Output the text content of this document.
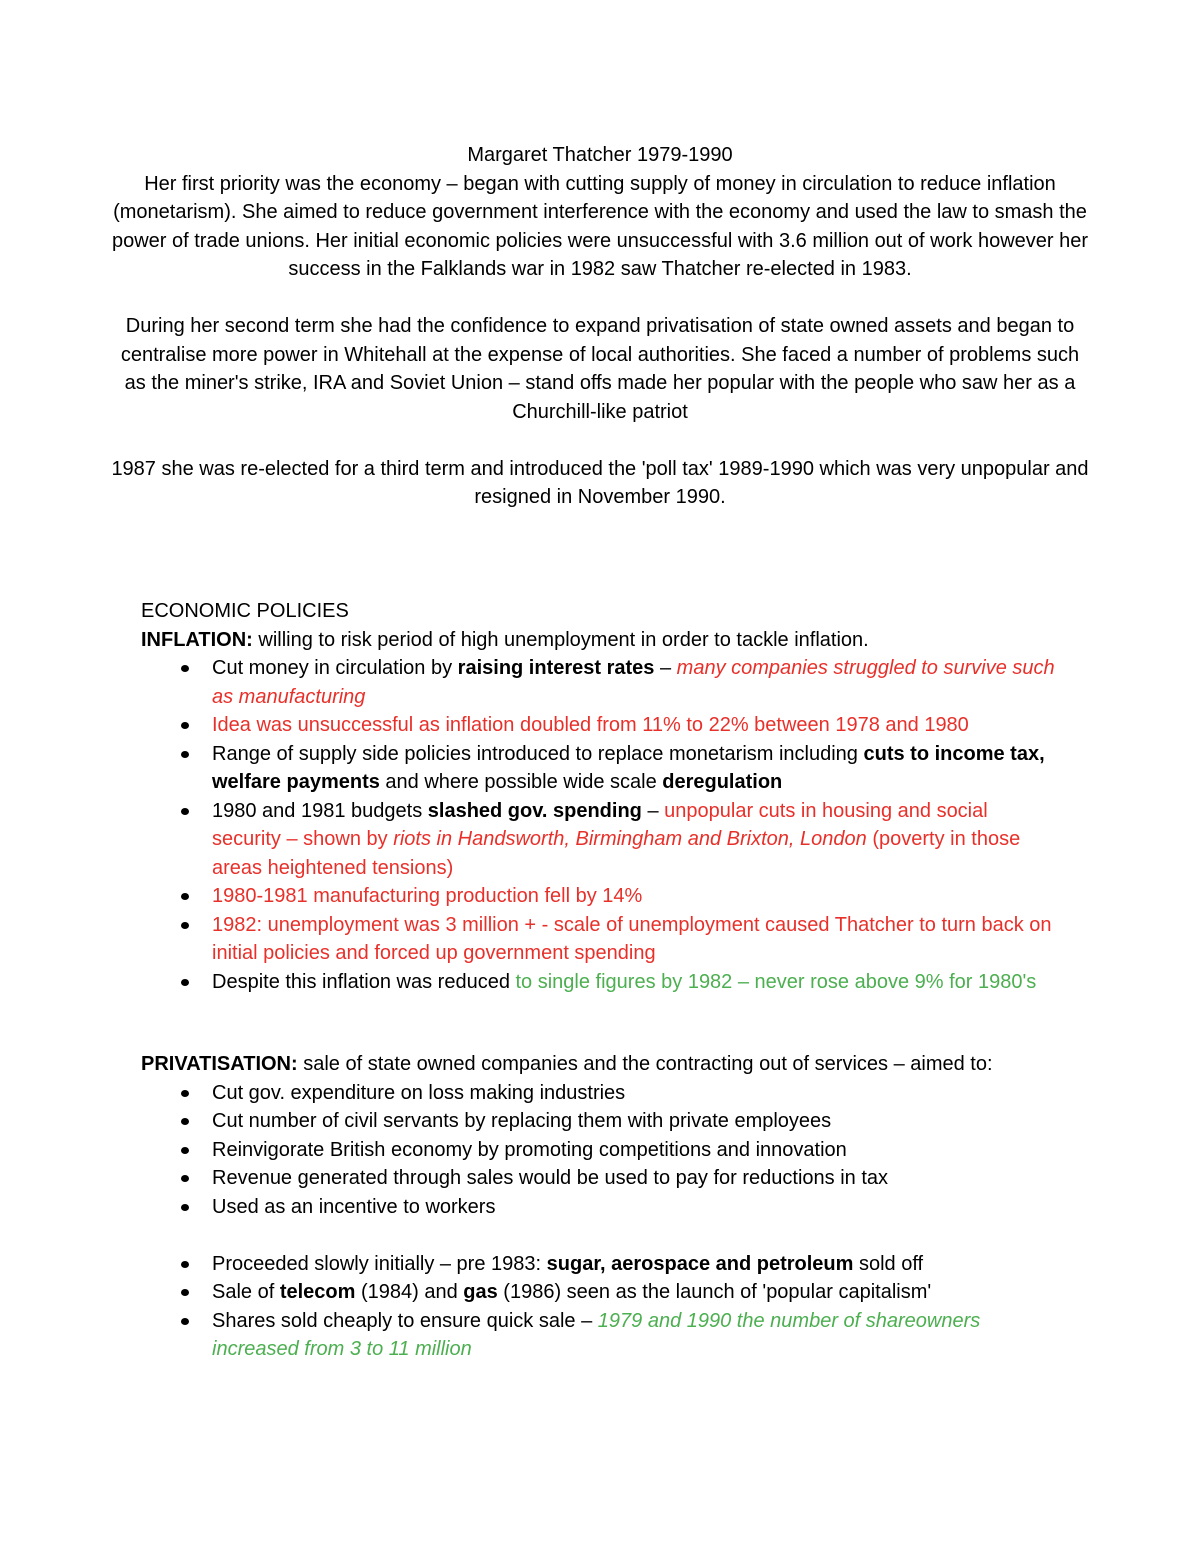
Margaret Thatcher 1979-1990

Her first priority was the economy – began with cutting supply of money in circulation to reduce inflation (monetarism). She aimed to reduce government interference with the economy and used the law to smash the power of trade unions. Her initial economic policies were unsuccessful with 3.6 million out of work however her success in the Falklands war in 1982 saw Thatcher re-elected in 1983.

During her second term she had the confidence to expand privatisation of state owned assets and began to centralise more power in Whitehall at the expense of local authorities. She faced a number of problems such as the miner's strike, IRA and Soviet Union – stand offs made her popular with the people who saw her as a Churchill-like patriot

1987 she was re-elected for a third term and introduced the 'poll tax' 1989-1990 which was very unpopular and resigned in November 1990.

ECONOMIC POLICIES

INFLATION: willing to risk period of high unemployment in order to tackle inflation.

Cut money in circulation by raising interest rates – many companies struggled to survive such as manufacturing
Idea was unsuccessful as inflation doubled from 11% to 22% between 1978 and 1980
Range of supply side policies introduced to replace monetarism including cuts to income tax, welfare payments and where possible wide scale deregulation
1980 and 1981 budgets slashed gov. spending – unpopular cuts in housing and social security – shown by riots in Handsworth, Birmingham and Brixton, London (poverty in those areas heightened tensions)
1980-1981 manufacturing production fell by 14%
1982: unemployment was 3 million + - scale of unemployment caused Thatcher to turn back on initial policies and forced up government spending
Despite this inflation was reduced to single figures by 1982 – never rose above 9% for 1980's

PRIVATISATION: sale of state owned companies and the contracting out of services – aimed to:

Cut gov. expenditure on loss making industries
Cut number of civil servants by replacing them with private employees
Reinvigorate British economy by promoting competitions and innovation
Revenue generated through sales would be used to pay for reductions in tax
Used as an incentive to workers
Proceeded slowly initially – pre 1983: sugar, aerospace and petroleum sold off
Sale of telecom (1984) and gas (1986) seen as the launch of 'popular capitalism'
Shares sold cheaply to ensure quick sale – 1979 and 1990 the number of shareowners increased from 3 to 11 million
